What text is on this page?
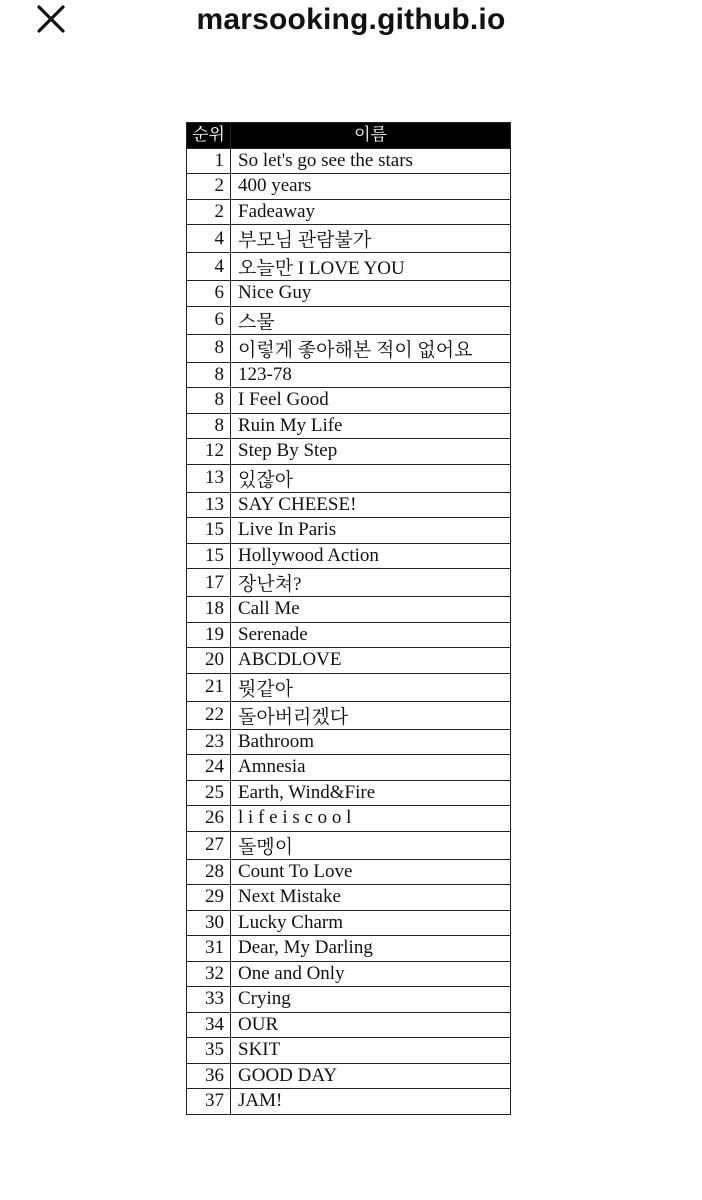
marsooking.github.io
순위	이름
1	So let's go see the stars
2	400 years
2	Fadeaway
4	부모님 관람불가
4	오늘만 I LOVE YOU
6	Nice Guy
6	스물
8	이렇게 좋아해본 적이 없어요
8	123-78
8	I Feel Good
8	Ruin My Life
12	Step By Step
13	있잖아
13	SAY CHEESE!
15	Live In Paris
15	Hollywood Action
17	장난쳐?
18	Call Me
19	Serenade
20	ABCDLOVE
21	뭣같아
22	돌아버리겠다
23	Bathroom
24	Amnesia
25	Earth, Wind&Fire
26	l i f e i s c o o l
27	돌멩이
28	Count To Love
29	Next Mistake
30	Lucky Charm
31	Dear, My Darling
32	One and Only
33	Crying
34	OUR
35	SKIT
36	GOOD DAY
37	JAM!
